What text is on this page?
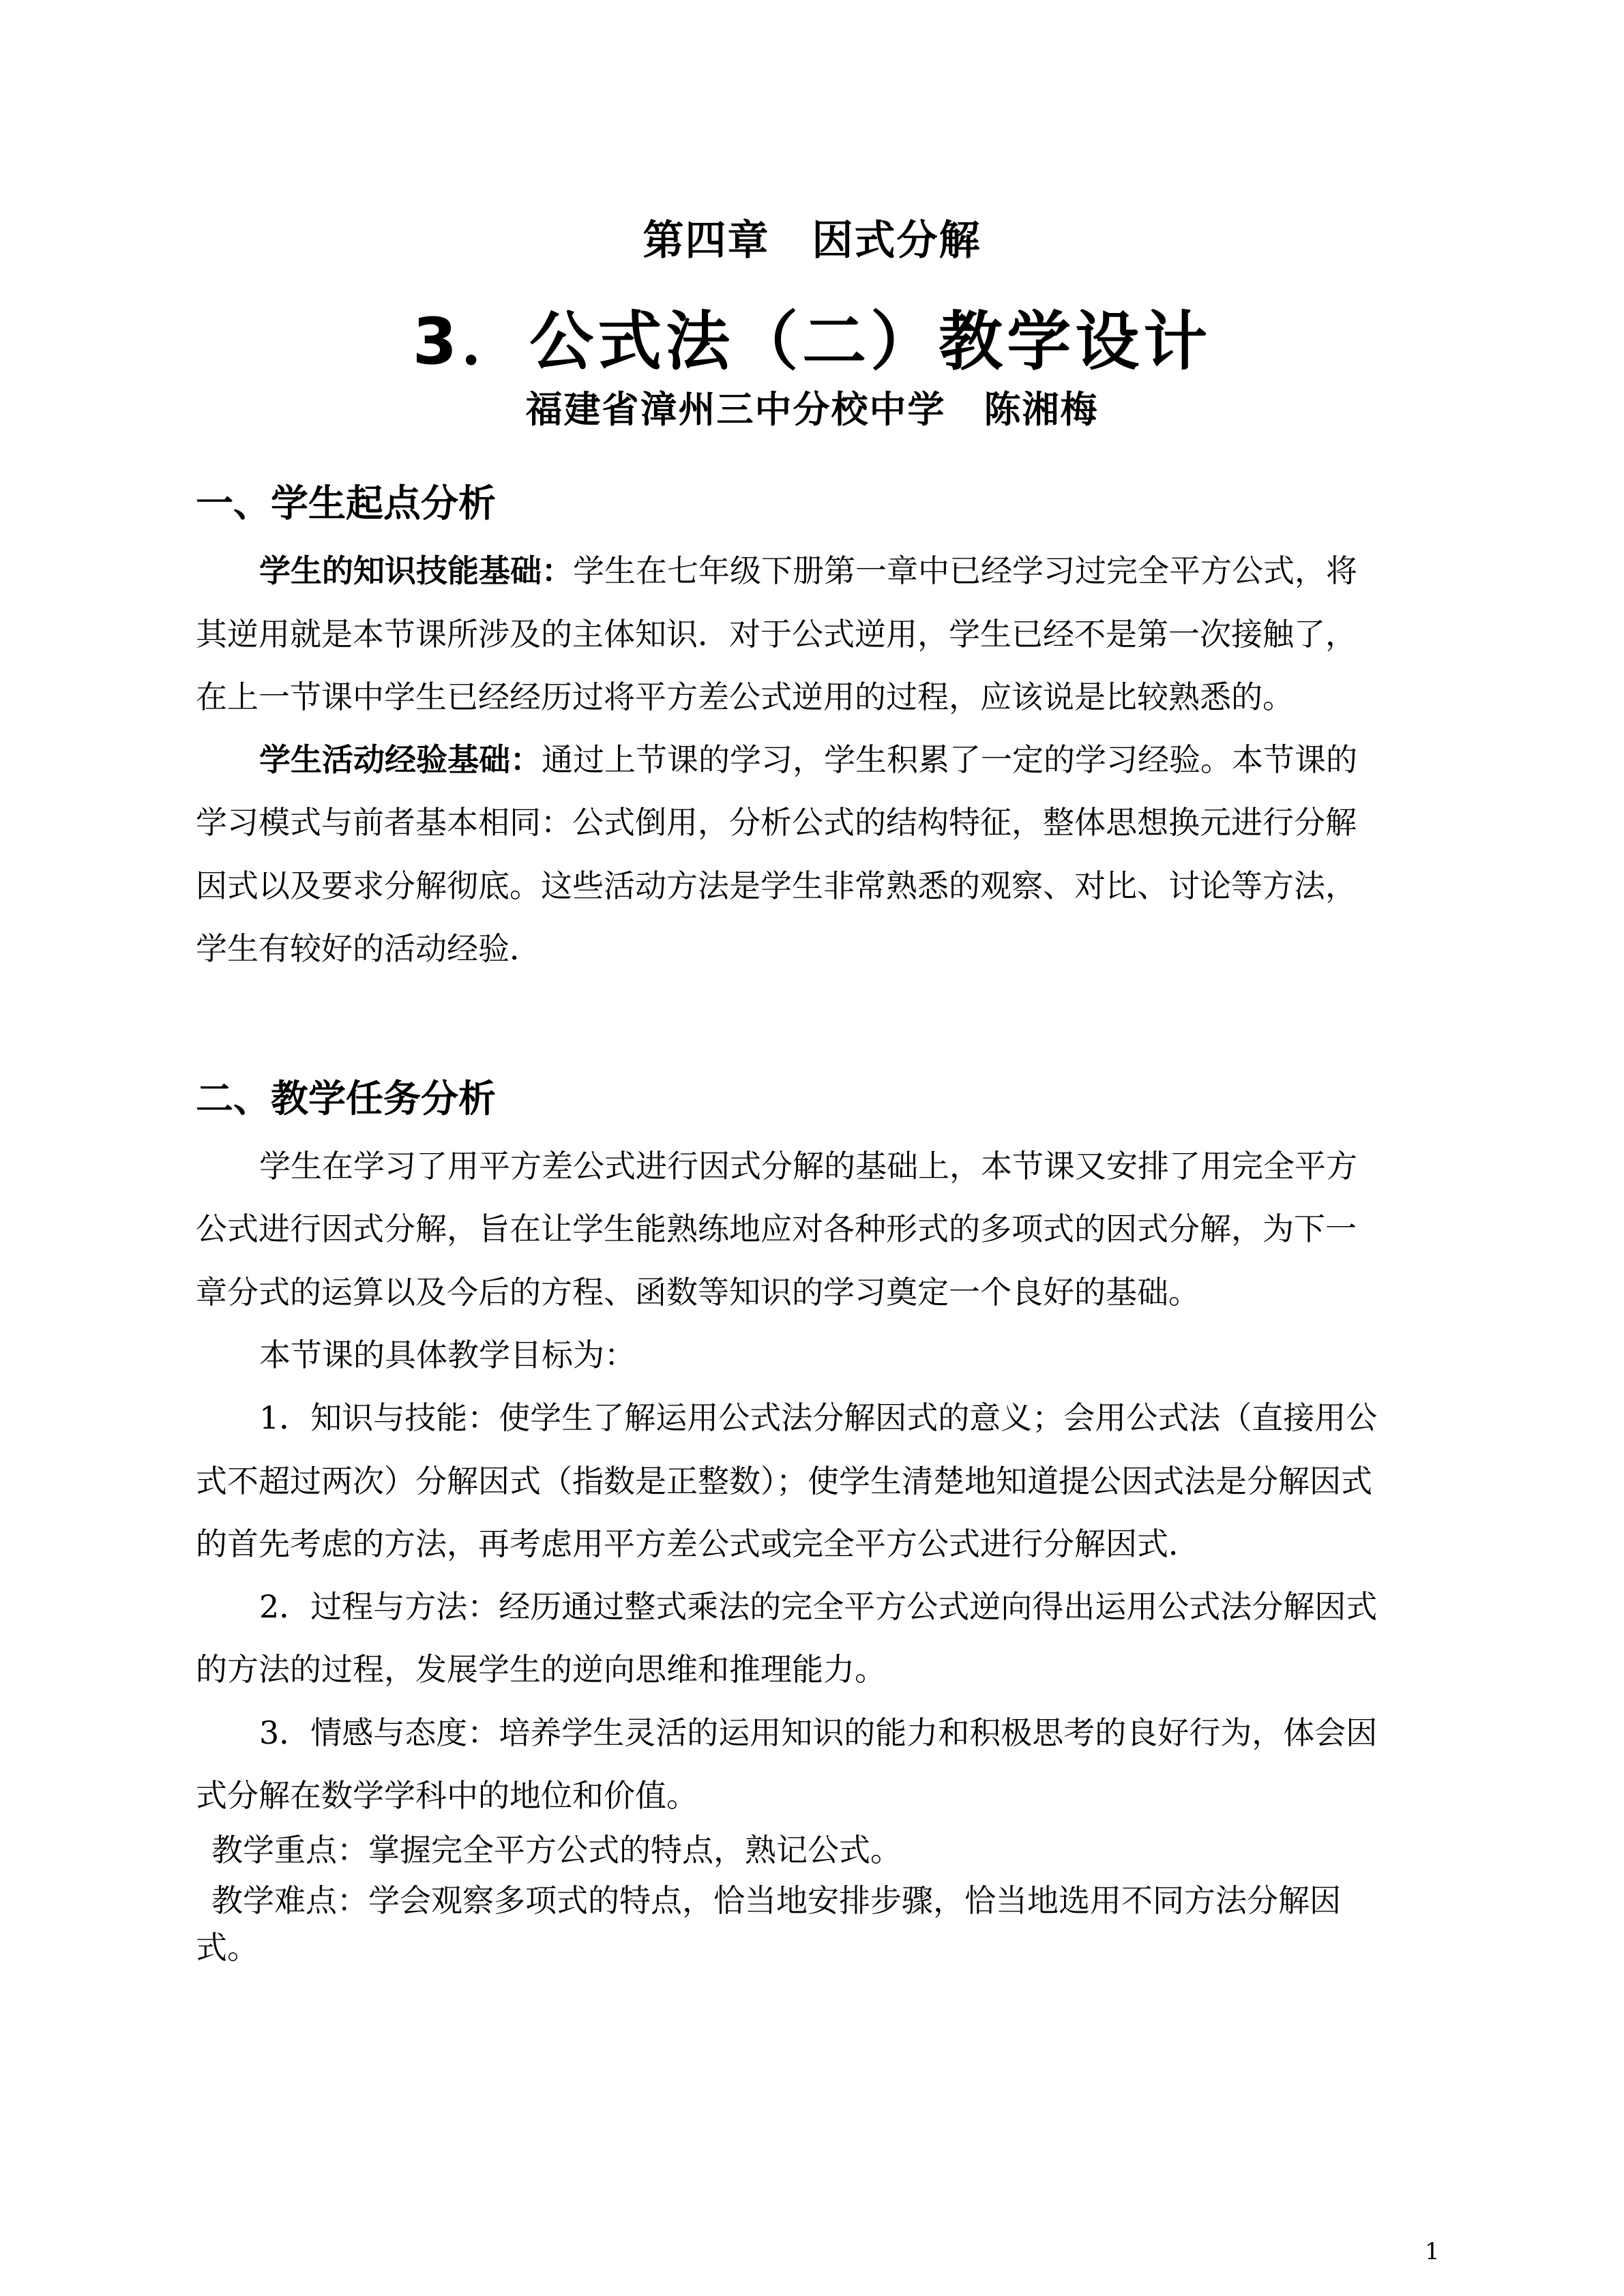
第四章　因式分解
3．公式法（二）教学设计
福建省漳州三中分校中学　陈湘梅
一、学生起点分析
学生的知识技能基础：学生在七年级下册第一章中已经学习过完全平方公式，将
其逆用就是本节课所涉及的主体知识．对于公式逆用，学生已经不是第一次接触了，
在上一节课中学生已经经历过将平方差公式逆用的过程，应该说是比较熟悉的。
学生活动经验基础：通过上节课的学习，学生积累了一定的学习经验。本节课的
学习模式与前者基本相同：公式倒用，分析公式的结构特征，整体思想换元进行分解
因式以及要求分解彻底。这些活动方法是学生非常熟悉的观察、对比、讨论等方法，
学生有较好的活动经验．
二、教学任务分析
学生在学习了用平方差公式进行因式分解的基础上，本节课又安排了用完全平方
公式进行因式分解，旨在让学生能熟练地应对各种形式的多项式的因式分解，为下一
章分式的运算以及今后的方程、函数等知识的学习奠定一个良好的基础。
本节课的具体教学目标为：
1．知识与技能：使学生了解运用公式法分解因式的意义；会用公式法（直接用公
式不超过两次）分解因式（指数是正整数）；使学生清楚地知道提公因式法是分解因式
的首先考虑的方法，再考虑用平方差公式或完全平方公式进行分解因式．
2．过程与方法：经历通过整式乘法的完全平方公式逆向得出运用公式法分解因式
的方法的过程，发展学生的逆向思维和推理能力。
3．情感与态度：培养学生灵活的运用知识的能力和积极思考的良好行为，体会因
式分解在数学学科中的地位和价值。
教学重点：掌握完全平方公式的特点，熟记公式。
教学难点：学会观察多项式的特点，恰当地安排步骤，恰当地选用不同方法分解因
式。
1
